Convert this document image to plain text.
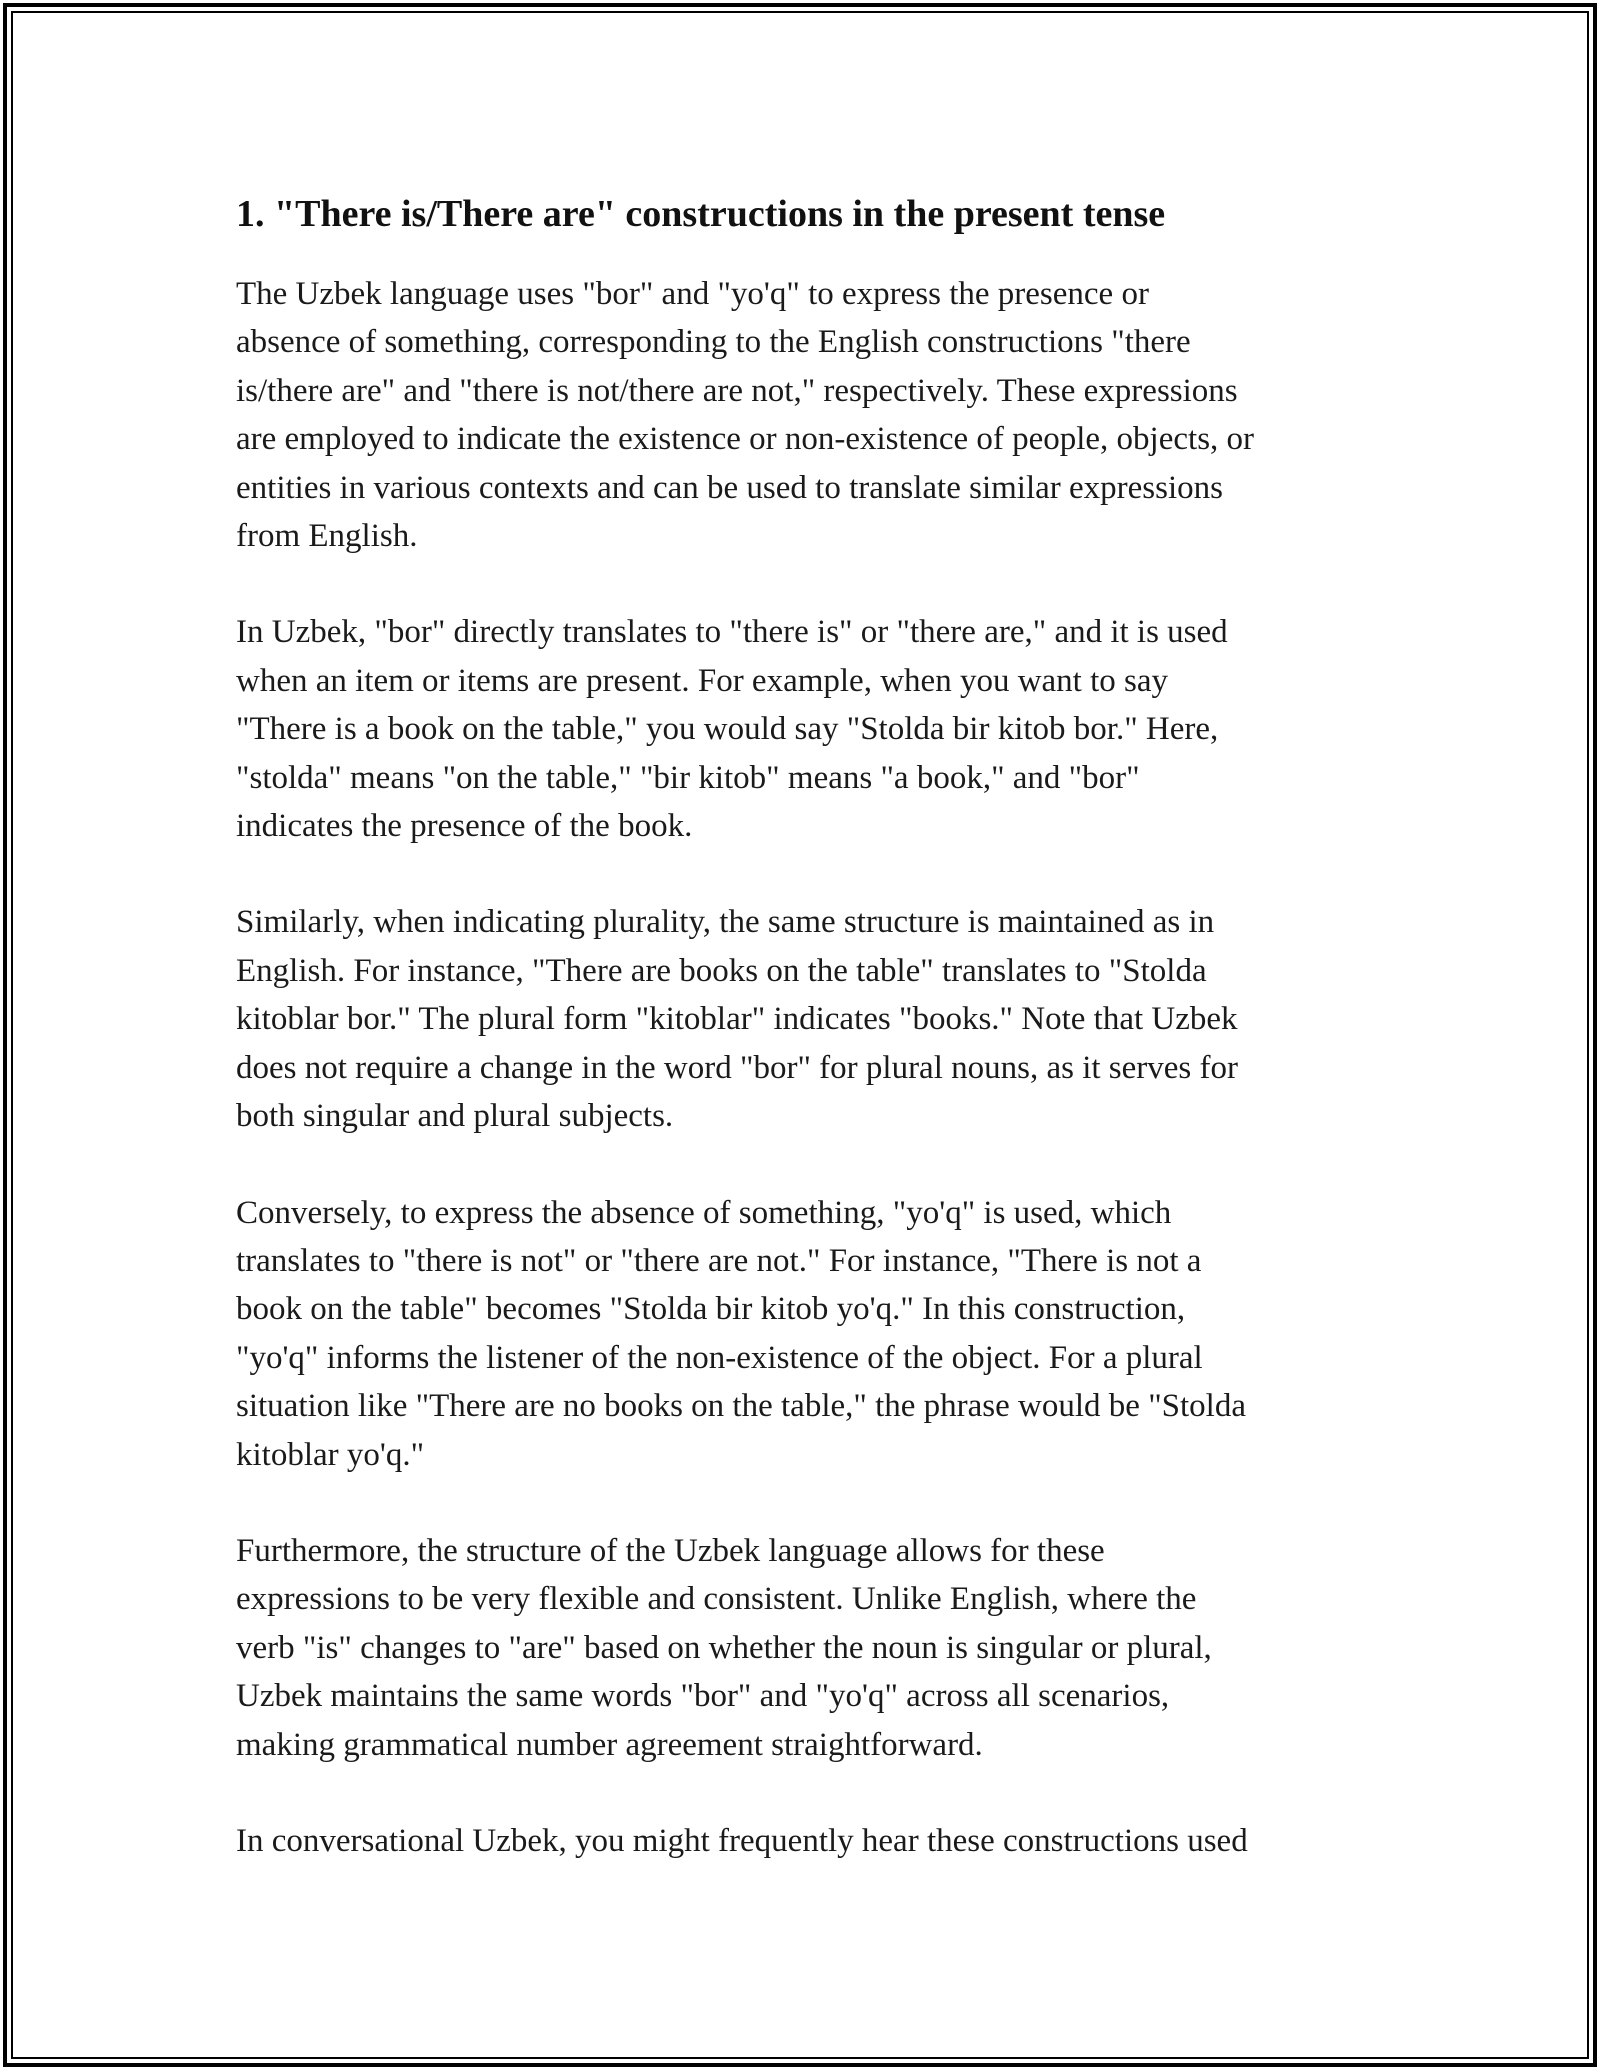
1. "There is/There are" constructions in the present tense

The Uzbek language uses "bor" and "yo'q" to express the presence or
absence of something, corresponding to the English constructions "there
is/there are" and "there is not/there are not," respectively. These expressions
are employed to indicate the existence or non-existence of people, objects, or
entities in various contexts and can be used to translate similar expressions
from English.

In Uzbek, "bor" directly translates to "there is" or "there are," and it is used
when an item or items are present. For example, when you want to say
"There is a book on the table," you would say "Stolda bir kitob bor." Here,
"stolda" means "on the table," "bir kitob" means "a book," and "bor"
indicates the presence of the book.

Similarly, when indicating plurality, the same structure is maintained as in
English. For instance, "There are books on the table" translates to "Stolda
kitoblar bor." The plural form "kitoblar" indicates "books." Note that Uzbek
does not require a change in the word "bor" for plural nouns, as it serves for
both singular and plural subjects.

Conversely, to express the absence of something, "yo'q" is used, which
translates to "there is not" or "there are not." For instance, "There is not a
book on the table" becomes "Stolda bir kitob yo'q." In this construction,
"yo'q" informs the listener of the non-existence of the object. For a plural
situation like "There are no books on the table," the phrase would be "Stolda
kitoblar yo'q."

Furthermore, the structure of the Uzbek language allows for these
expressions to be very flexible and consistent. Unlike English, where the
verb "is" changes to "are" based on whether the noun is singular or plural,
Uzbek maintains the same words "bor" and "yo'q" across all scenarios,
making grammatical number agreement straightforward.

In conversational Uzbek, you might frequently hear these constructions used
